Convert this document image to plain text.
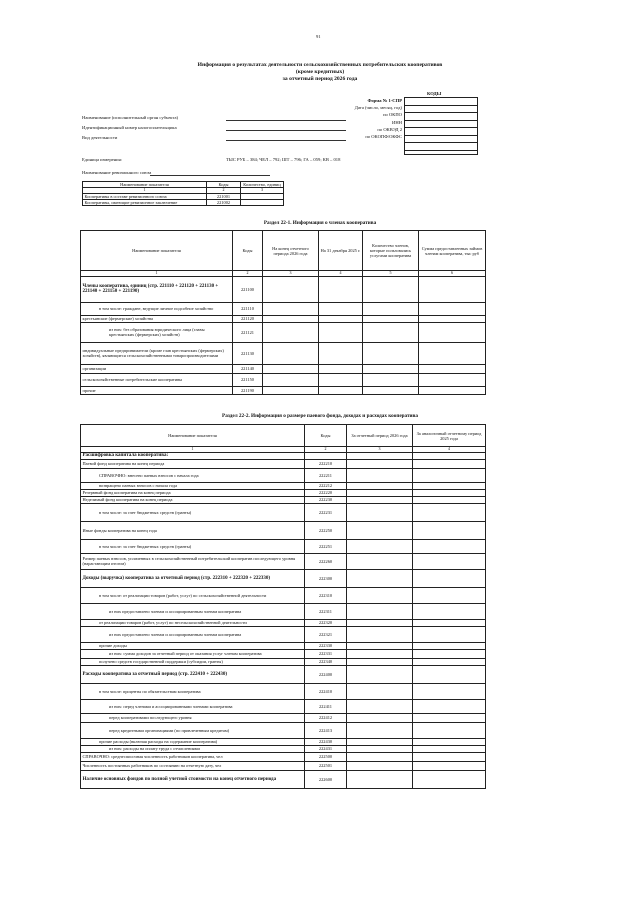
91
Информация о результатах деятельности сельскохозяйственных потребительских кооперативов
(кроме кредитных)
за отчетный период 2026 года
КОДЫ
Форма № 1-СПР
Дата (число, месяц, год)
по ОКПО
ИНН
по ОКВЭД 2
по ОКОПФ/ОКФС
Наименование (исполнительный орган субъекта)
Идентификационный номер налогоплательщика
Вид деятельности
Единица измерения:	ТЫС РУБ – 384; ЧЕЛ – 792; ШТ – 796; ГА – 059; КВ – 018
Наименование ревизионного союза
Наименование показателя	Коды	Количество, единиц
1	2	3
Кооперативы в составе ревизионного союза	221001	
Кооперативы, имеющие ревизионное заключение	221002	
Раздел 22-1. Информация о членах кооператива
Наименование показателя	Коды	На конец отчетного периода 2026 года	На 31 декабря 2025 г.	Количество членов, которые пользовались услугами кооператива	Сумма предоставленных займов членам кооператива, тыс руб
1	2	3	4	5	6
Члены кооператива, единиц (стр. 221110 + 221120 + 221130 + 221140 + 221150 + 221190)	221100				
в том числе: граждане, ведущие личное подсобное хозяйство	221110				
крестьянские (фермерские) хозяйства	221120				
из них: без образования юридического лица (главы крестьянских (фермерских) хозяйств)	221121				
индивидуальные предприниматели (кроме глав крестьянских (фермерских) хозяйств), являющиеся сельскохозяйственными товаропроизводителями	221130				
организации	221140				
сельскохозяйственные потребительские кооперативы	221150				
прочие	221190				
Раздел 22-2. Информация о размере паевого фонда, доходах и расходах кооператива
Наименование показателя	Коды	За отчетный период 2026 года	За аналогичный отчетному период 2025 года
1	2	3	4
Расшифровка капитала кооператива:			
Паевой фонд кооператива на конец периода	222210		
СПРАВОЧНО: внесено паевых взносов с начала года	222211		
возвращено паевых взносов с начала года	222212		
Резервный фонд кооператива на конец периода	222220		
Неделимый фонд кооператива на конец периода	222230		
в том числе: за счет бюджетных средств (гранты)	222231		
Иные фонды кооператива на конец года	222250		
в том числе: за счет бюджетных средств (гранты)	222251		
Размер паевых взносов, уплаченных в сельскохозяйственный потребительский кооператив последующего уровня (нарастающим итогом)	222260		
Доходы (выручка) кооператива за отчетный период (стр. 222310 + 222320 + 222330)	222300		
в том числе: от реализации товаров (работ, услуг) по сельскохозяйственной деятельности	222310		
из них предоставлено членам и ассоциированным членам кооператива	222311		
от реализации товаров (работ, услуг) по несельскохозяйственной деятельности	222320		
из них предоставлено членам и ассоциированным членам кооператива	222321		
прочие доходы	222330		
из них: сумма доходов за отчетный период от оказания услуг членам кооператива	222331		
получено средств государственной поддержки (субсидии, гранты)	222340		
Расходы кооператива за отчетный период (стр. 222410 + 222430)	222400		
в том числе: проценты по обязательствам кооператива	222410		
из них: перед членами и ассоциированными членами кооператива	222411		
перед кооперативами последующего уровня	222412		
перед кредитными организациями (по привлеченным кредитам)	222413		
прочие расходы (включая расходы на содержание кооператива)	222430		
из них: расходы на оплату труда с отчислениями	222431		
СПРАВОЧНО: среднесписочная численность работников кооператива, чел	222500		
Численность постоянных работников по состоянию на отчетную дату, чел	222501		
Наличие основных фондов по полной учетной стоимости на конец отчетного периода	222600		
